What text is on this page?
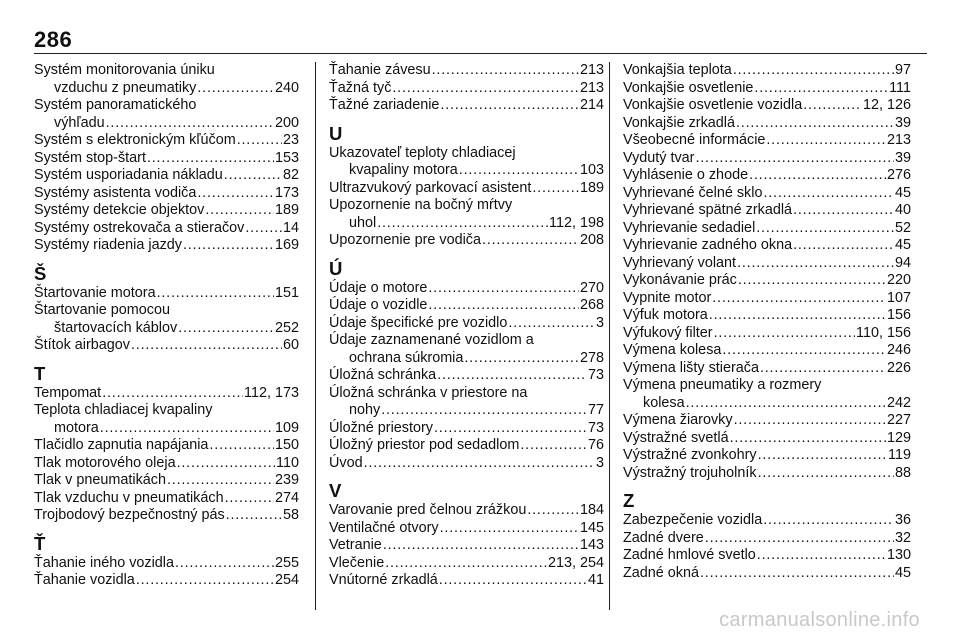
286
Systém monitorovania úniku
vzduchu z pneumatiky . . .	240
Systém panoramatického
výhľadu . . .	200
Systém s elektronickým kľúčom . . .	23
Systém stop-štart . . .	153
Systém usporiadania nákladu . . .	82
Systémy asistenta vodiča . . .	173
Systémy detekcie objektov . . .	189
Systémy ostrekovača a stieračov . . .	14
Systémy riadenia jazdy . . .	169
Š
Štartovanie motora . . .	151
Štartovanie pomocou
štartovacích káblov . . .	252
Štítok airbagov . . .	60
T
Tempomat . . .	112, 173
Teplota chladiacej kvapaliny
motora . . .	109
Tlačidlo zapnutia napájania . . .	150
Tlak motorového oleja . . .	110
Tlak v pneumatikách . . .	239
Tlak vzduchu v pneumatikách . . .	274
Trojbodový bezpečnostný pás . . .	58
Ť
Ťahanie iného vozidla . . .	255
Ťahanie vozidla . . .	254
Ťahanie závesu . . .	213
Ťažná tyč . . .	213
Ťažné zariadenie . . .	214
U
Ukazovateľ teploty chladiacej
kvapaliny motora . . .	103
Ultrazvukový parkovací asistent . . .	189
Upozornenie na bočný mŕtvy
uhol . . .	112, 198
Upozornenie pre vodiča . . .	208
Ú
Údaje o motore . . .	270
Údaje o vozidle . . .	268
Údaje špecifické pre vozidlo . . .	3
Údaje zaznamenané vozidlom a
ochrana súkromia . . .	278
Úložná schránka . . .	73
Úložná schránka v priestore na
nohy . . .	77
Úložné priestory . . .	73
Úložný priestor pod sedadlom . . .	76
Úvod . . .	3
V
Varovanie pred čelnou zrážkou . . .	184
Ventilačné otvory . . .	145
Vetranie . . .	143
Vlečenie . . .	213, 254
Vnútorné zrkadlá . . .	41
Vonkajšia teplota . . .	97
Vonkajšie osvetlenie . . .	111
Vonkajšie osvetlenie vozidla . . .	12, 126
Vonkajšie zrkadlá . . .	39
Všeobecné informácie . . .	213
Vydutý tvar . . .	39
Vyhlásenie o zhode . . .	276
Vyhrievané čelné sklo . . .	45
Vyhrievané spätné zrkadlá . . .	40
Vyhrievanie sedadiel . . .	52
Vyhrievanie zadného okna . . .	45
Vyhrievaný volant . . .	94
Vykonávanie prác . . .	220
Vypnite motor . . .	107
Výfuk motora . . .	156
Výfukový filter . . .	110, 156
Výmena kolesa . . .	246
Výmena lišty stierača . . .	226
Výmena pneumatiky a rozmery
kolesa . . .	242
Výmena žiarovky . . .	227
Výstražné svetlá . . .	129
Výstražné zvonkohry . . .	119
Výstražný trojuholník . . .	88
Z
Zabezpečenie vozidla . . .	36
Zadné dvere . . .	32
Zadné hmlové svetlo . . .	130
Zadné okná . . .	45
carmanualsonline.info
